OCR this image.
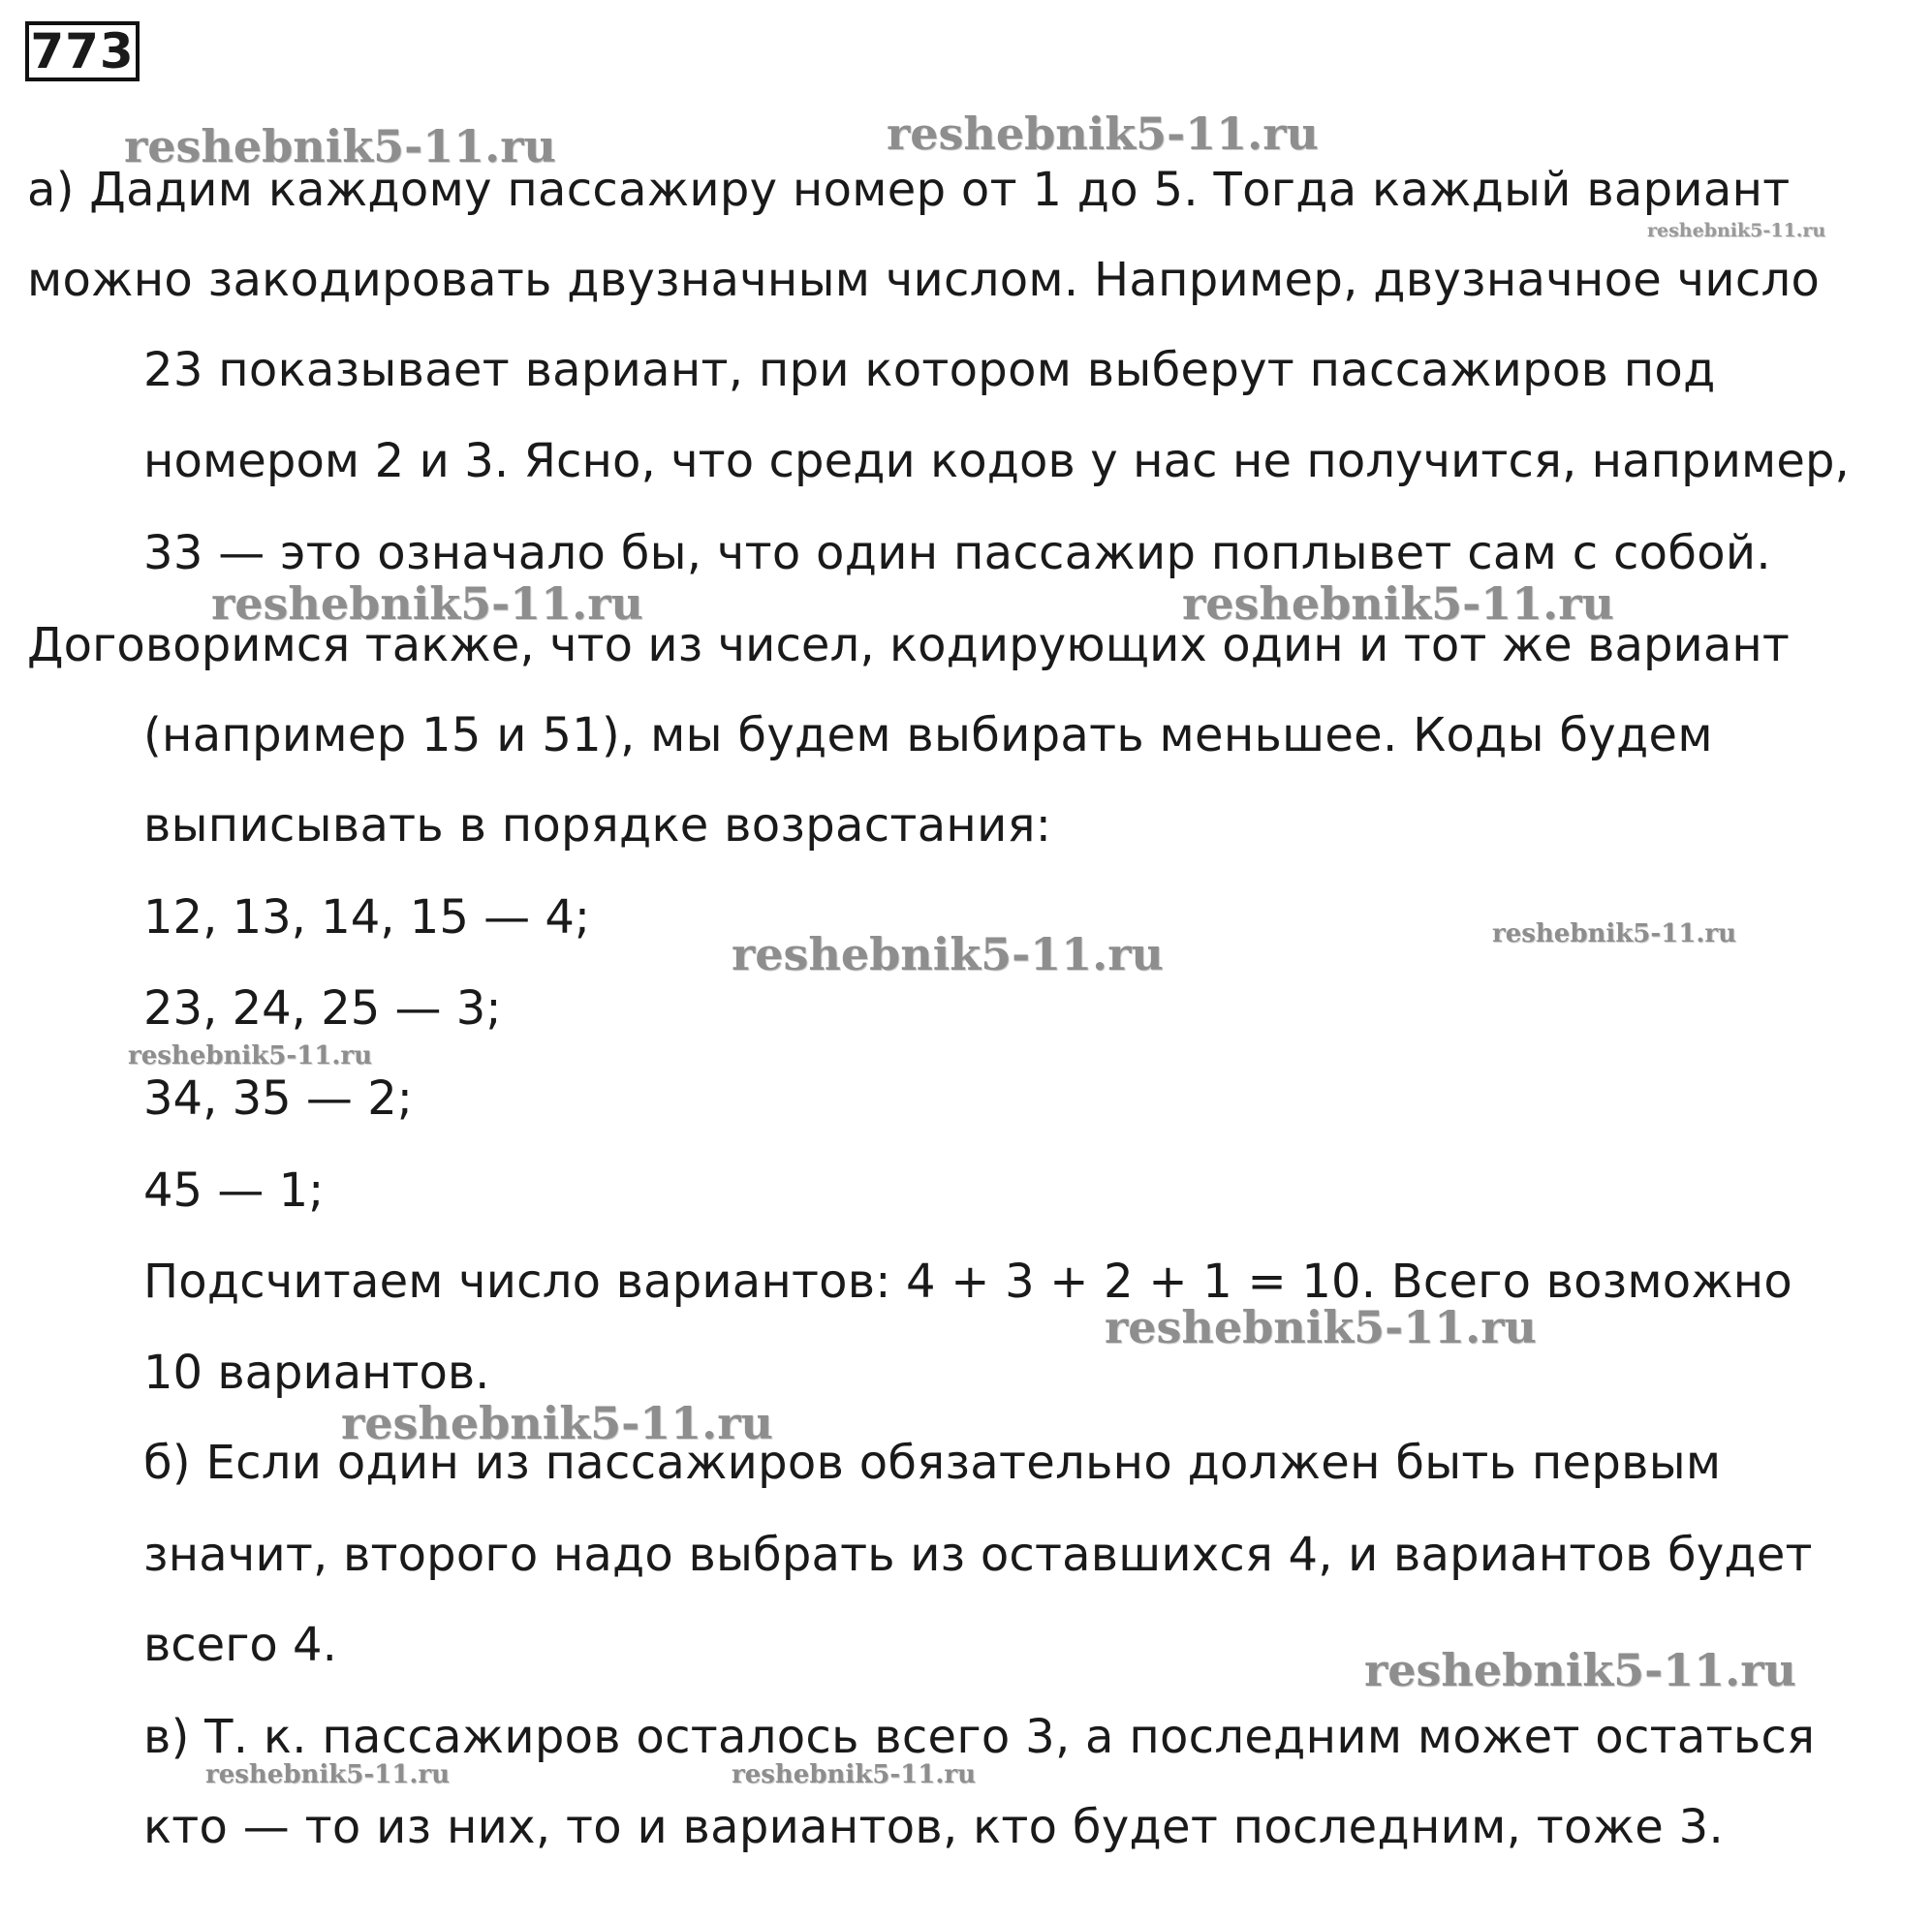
773
а) Дадим каждому пассажиру номер от 1 до 5. Тогда каждый вариант
можно закодировать двузначным числом. Например, двузначное число
23 показывает вариант, при котором выберут пассажиров под
номером 2 и 3. Ясно, что среди кодов у нас не получится, например,
33 — это означало бы, что один пассажир поплывет сам с собой.
Договоримся также, что из чисел, кодирующих один и тот же вариант
(например 15 и 51), мы будем выбирать меньшее. Коды будем
выписывать в порядке возрастания:
12, 13, 14, 15 — 4;
23, 24, 25 — 3;
34, 35 — 2;
45 — 1;
Подсчитаем число вариантов: 4 + 3 + 2 + 1 = 10. Всего возможно
10 вариантов.
б) Если один из пассажиров обязательно должен быть первым
значит, второго надо выбрать из оставшихся 4, и вариантов будет
всего 4.
в) Т. к. пассажиров осталось всего 3, а последним может остаться
кто — то из них, то и вариантов, кто будет последним, тоже 3.
reshebnik5-11.ru	reshebnik5-11.ru
reshebnik5-11.ru
reshebnik5-11.ru	reshebnik5-11.ru
reshebnik5-11.ru	reshebnik5-11.ru
reshebnik5-11.ru
reshebnik5-11.ru
reshebnik5-11.ru
reshebnik5-11.ru
reshebnik5-11.ru	reshebnik5-11.ru
